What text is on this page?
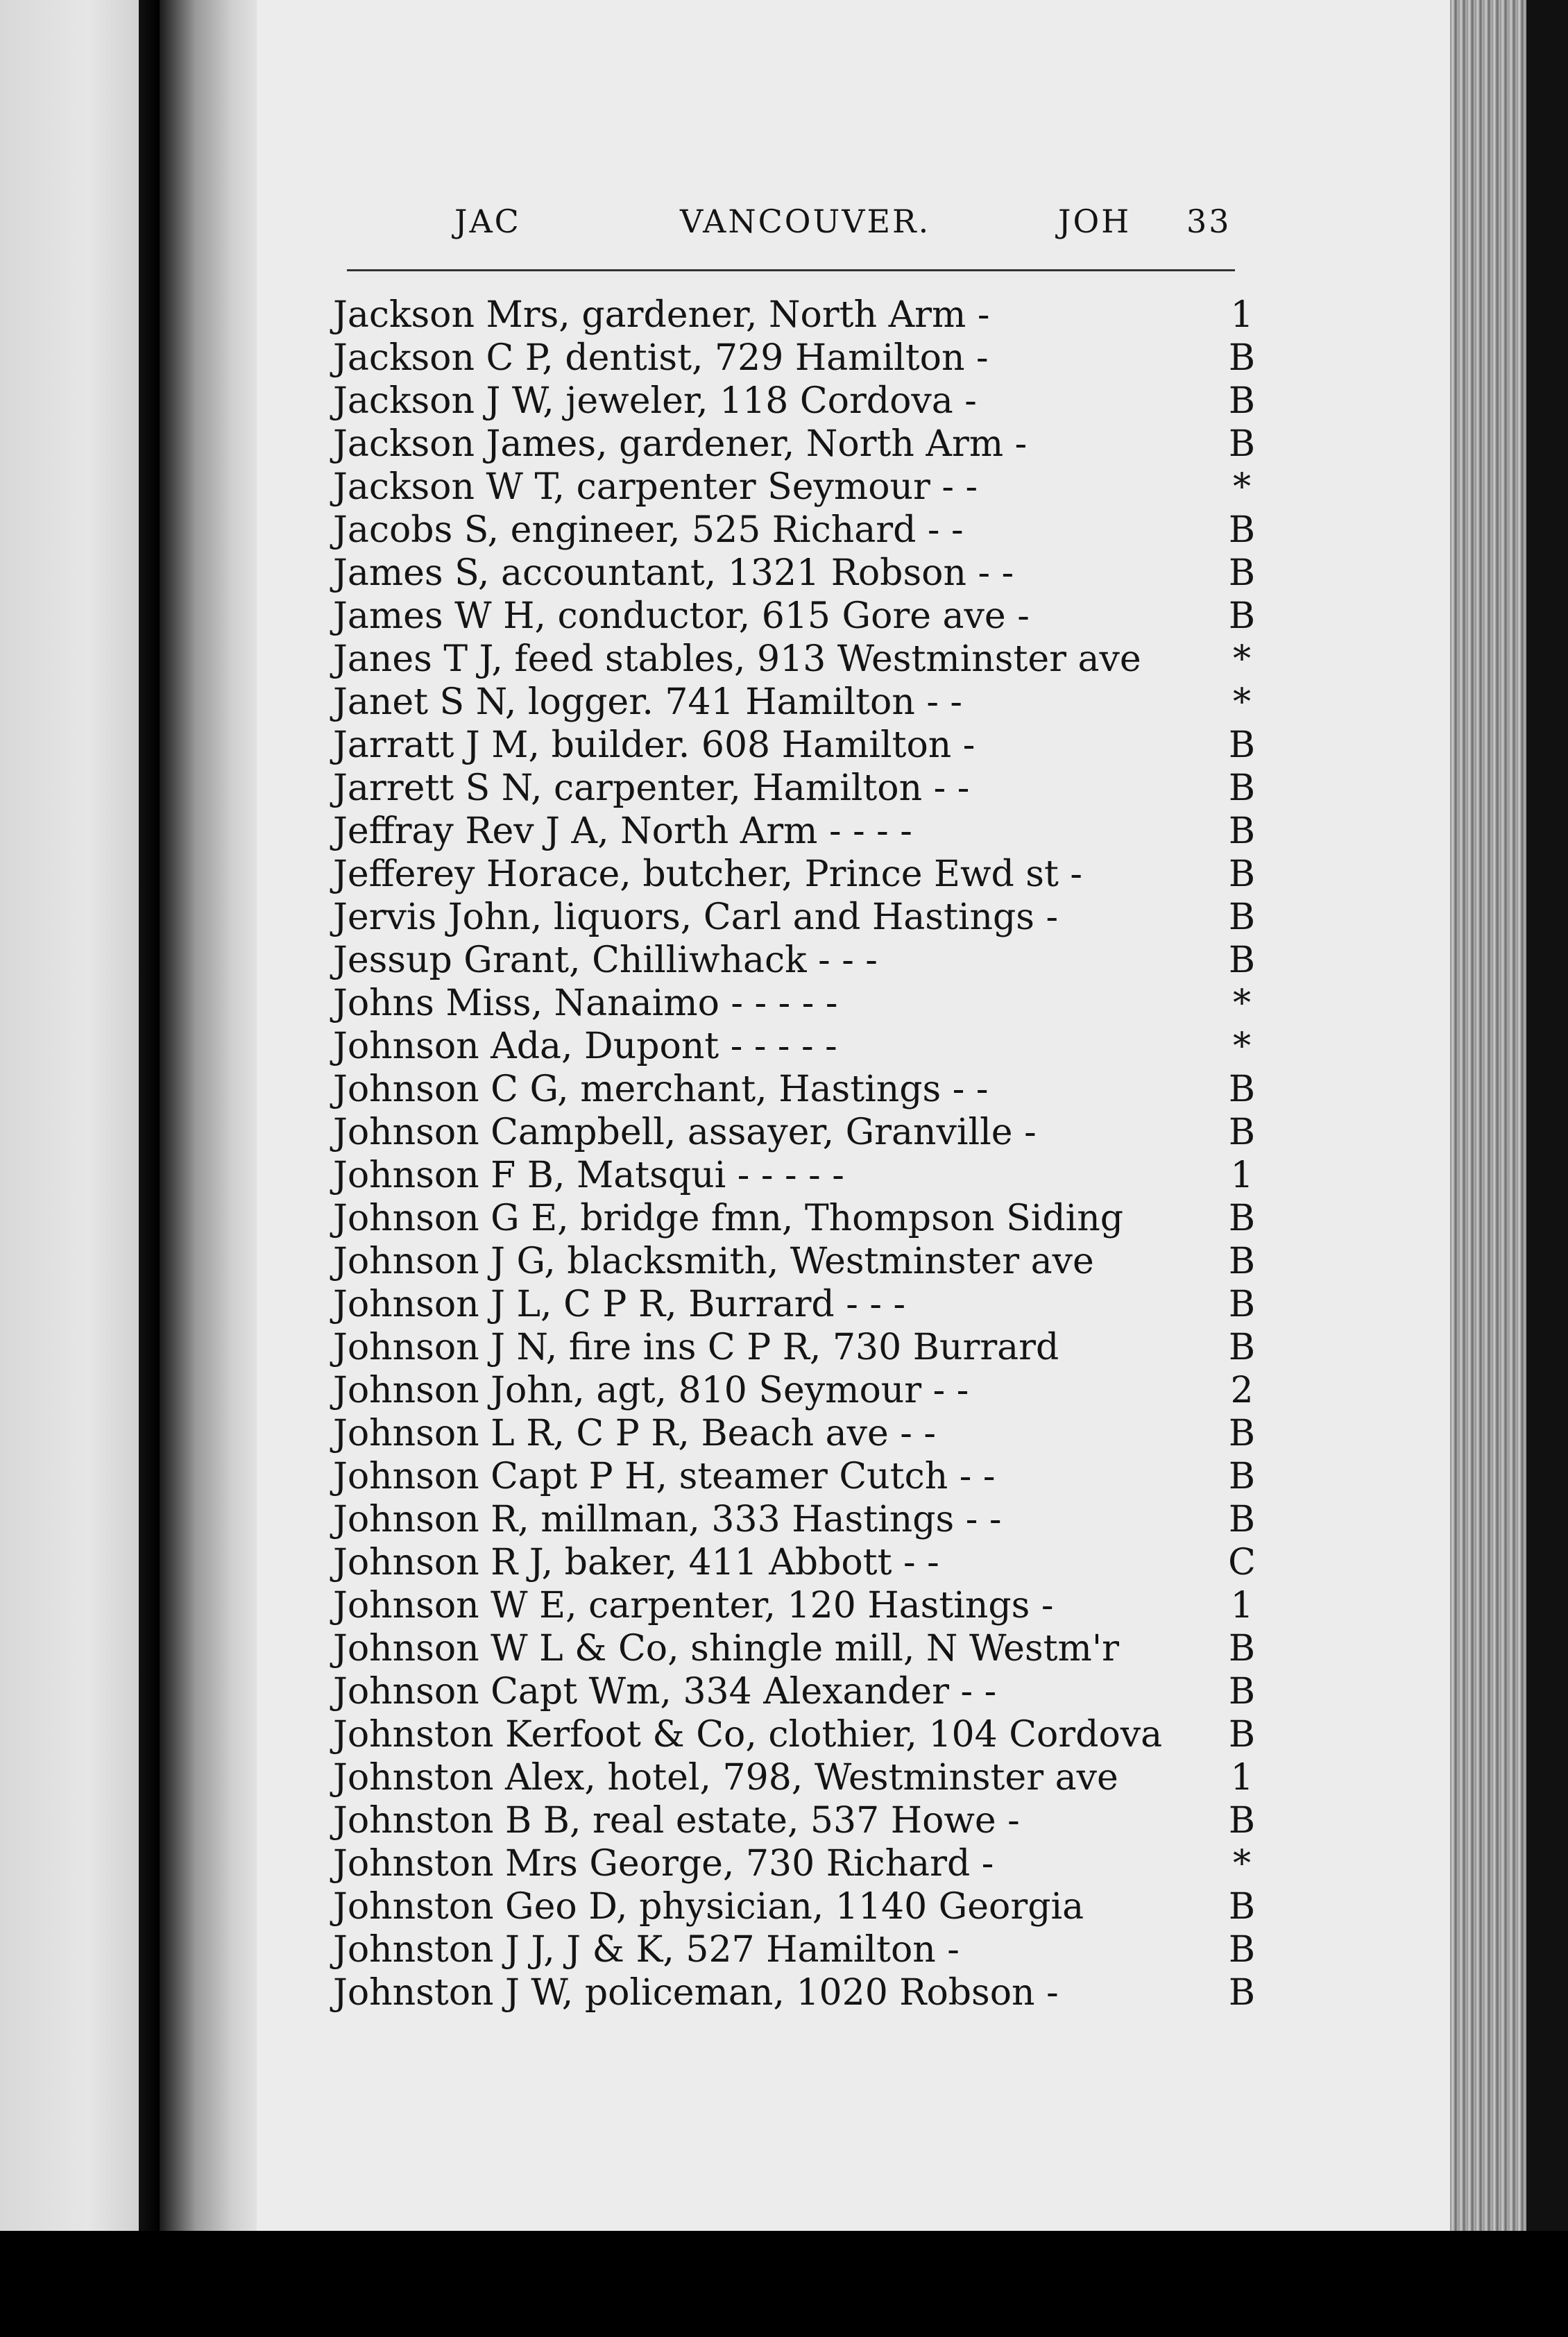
JAC	VANCOUVER.	JOH 33
Jackson Mrs, gardener, North Arm -	1
Jackson C P, dentist, 729 Hamilton -	B
Jackson J W, jeweler, 118 Cordova -	B
Jackson James, gardener, North Arm -	B
Jackson W T, carpenter Seymour - -	*
Jacobs S, engineer, 525 Richard - -	B
James S, accountant, 1321 Robson - -	B
James W H, conductor, 615 Gore ave -	B
Janes T J, feed stables, 913 Westminster ave	*
Janet S N, logger. 741 Hamilton - -	*
Jarratt J M, builder. 608 Hamilton -	B
Jarrett S N, carpenter, Hamilton - -	B
Jeffray Rev J A, North Arm - - - -	B
Jefferey Horace, butcher, Prince Ewd st -	B
Jervis John, liquors, Carl and Hastings -	B
Jessup Grant, Chilliwhack - - -	B
Johns Miss, Nanaimo - - - - -	*
Johnson Ada, Dupont - - - - -	*
Johnson C G, merchant, Hastings - -	B
Johnson Campbell, assayer, Granville -	B
Johnson F B, Matsqui - - - - -	1
Johnson G E, bridge fmn, Thompson Siding	B
Johnson J G, blacksmith, Westminster ave	B
Johnson J L, C P R, Burrard - - -	B
Johnson J N, fire ins C P R, 730 Burrard	B
Johnson John, agt, 810 Seymour - -	2
Johnson L R, C P R, Beach ave - -	B
Johnson Capt P H, steamer Cutch - -	B
Johnson R, millman, 333 Hastings - -	B
Johnson R J, baker, 411 Abbott - -	C
Johnson W E, carpenter, 120 Hastings -	1
Johnson W L & Co, shingle mill, N Westm'r	B
Johnson Capt Wm, 334 Alexander - -	B
Johnston Kerfoot & Co, clothier, 104 Cordova B
Johnston Alex, hotel, 798, Westminster ave	1
Johnston B B, real estate, 537 Howe -	B
Johnston Mrs George, 730 Richard -	*
Johnston Geo D, physician, 1140 Georgia	B
Johnston J J, J & K, 527 Hamilton -	B
Johnston J W, policeman, 1020 Robson -	B
